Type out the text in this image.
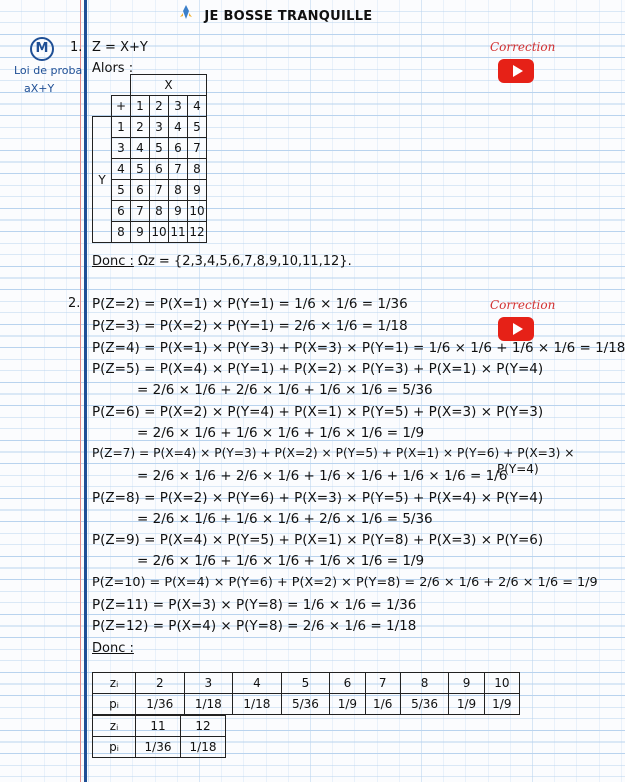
JE BOSSE TRANQUILLE
M
Loi de proba
aX+Y
Correction
1. Z = X+Y
Alors :
		X			
	+	1	2	3	4
Y	1	2	3	4	5
	3	4	5	6	7
	4	5	6	7	8
	5	6	7	8	9
	6	7	8	9	10
	8	9	10	11	12
Donc : Ωz = {2,3,4,5,6,7,8,9,10,11,12}.
2.	Correction
P(Z=2) = P(X=1) × P(Y=1) = 1/6 × 1/6 = 1/36
P(Z=3) = P(X=2) × P(Y=1) = 2/6 × 1/6 = 1/18
P(Z=4) = P(X=1) × P(Y=3) + P(X=3) × P(Y=1) = 1/6 × 1/6 + 1/6 × 1/6 = 1/18
P(Z=5) = P(X=4) × P(Y=1) + P(X=2) × P(Y=3) + P(X=1) × P(Y=4)
= 2/6 × 1/6 + 2/6 × 1/6 + 1/6 × 1/6 = 5/36
P(Z=6) = P(X=2) × P(Y=4) + P(X=1) × P(Y=5) + P(X=3) × P(Y=3)
= 2/6 × 1/6 + 1/6 × 1/6 + 1/6 × 1/6 = 1/9
P(Z=7) = P(X=4) × P(Y=3) + P(X=2) × P(Y=5) + P(X=1) × P(Y=6) + P(X=3) ×
P(Y=4)
= 2/6 × 1/6 + 2/6 × 1/6 + 1/6 × 1/6 + 1/6 × 1/6 = 1/6
P(Z=8) = P(X=2) × P(Y=6) + P(X=3) × P(Y=5) + P(X=4) × P(Y=4)
= 2/6 × 1/6 + 1/6 × 1/6 + 2/6 × 1/6 = 5/36
P(Z=9) = P(X=4) × P(Y=5) + P(X=1) × P(Y=8) + P(X=3) × P(Y=6)
= 2/6 × 1/6 + 1/6 × 1/6 + 1/6 × 1/6 = 1/9
P(Z=10) = P(X=4) × P(Y=6) + P(X=2) × P(Y=8) = 2/6 × 1/6 + 2/6 × 1/6 = 1/9
P(Z=11) = P(X=3) × P(Y=8) = 1/6 × 1/6 = 1/36
P(Z=12) = P(X=4) × P(Y=8) = 2/6 × 1/6 = 1/18
Donc :
zᵢ	2	3	4	5	6	7	8	9	10
pᵢ	1/36	1/18	1/18	5/36	1/9	1/6	5/36	1/9	1/9
zᵢ	11	12
pᵢ	1/36	1/18
